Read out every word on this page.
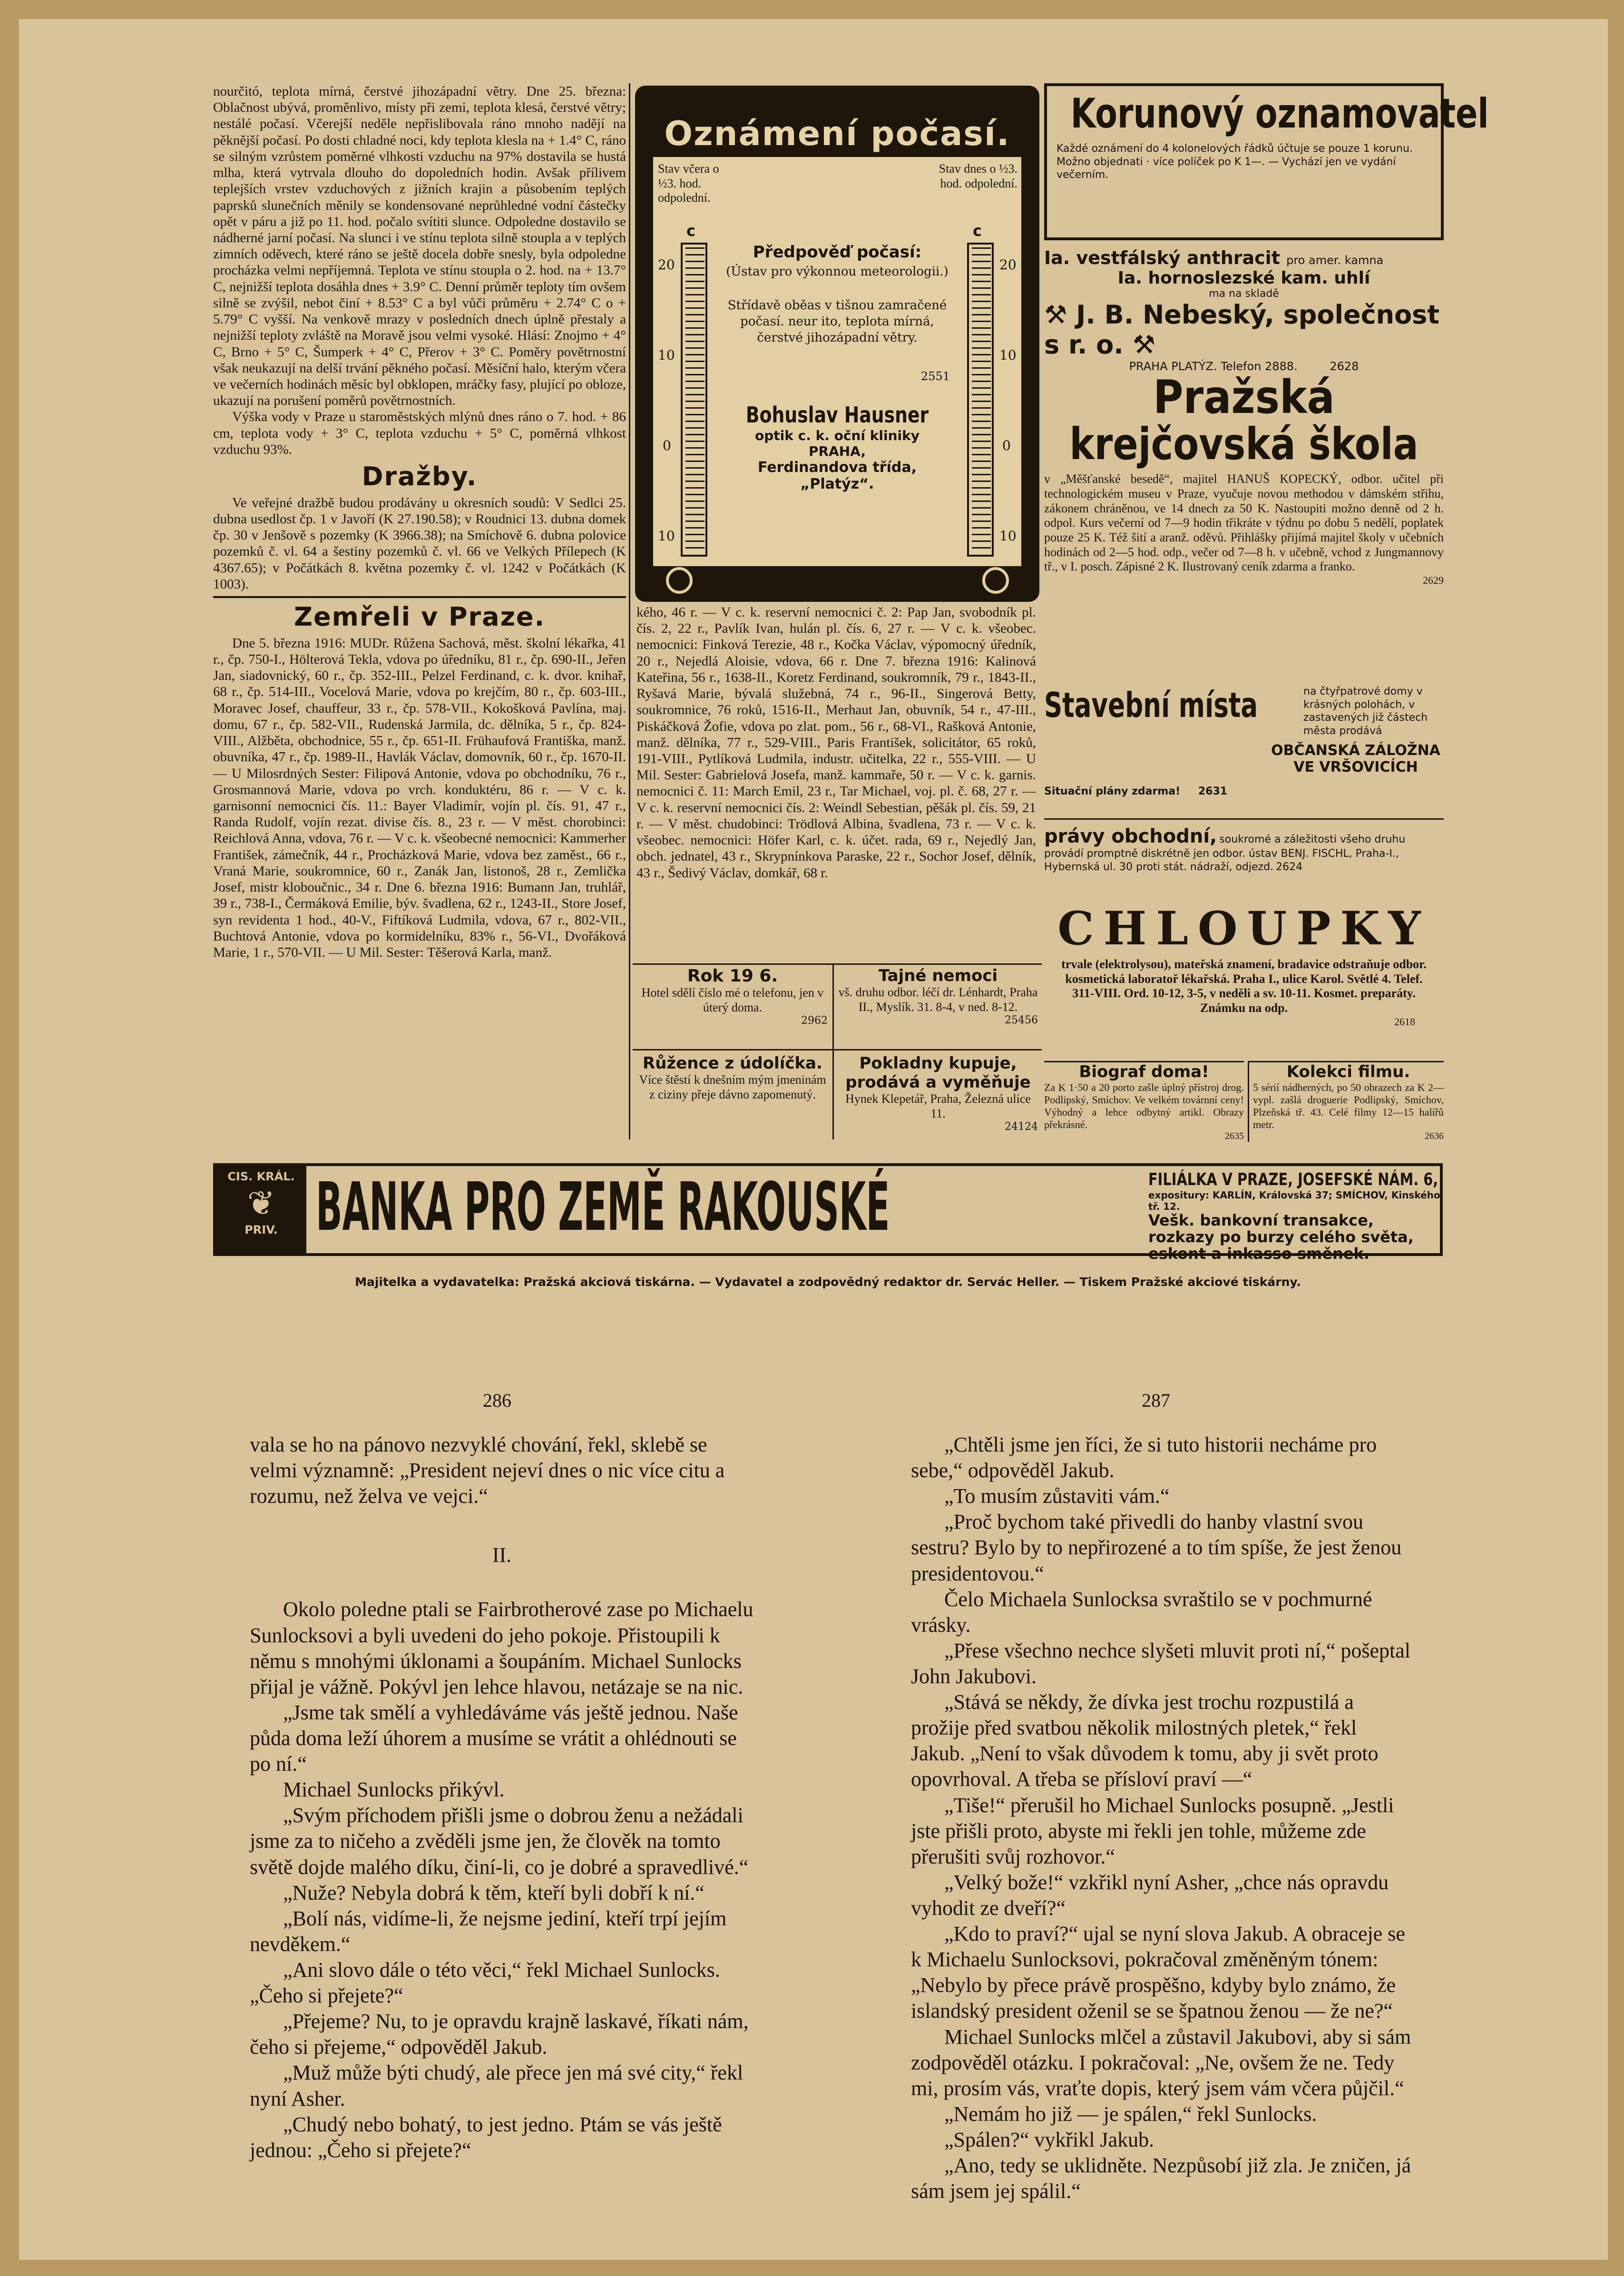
nourčitó, teplota mírná, čerstvé jihozápadní větry. Dne 25. března: Oblačnost ubývá, proměnlivo, místy při zemi, teplota klesá, čerstvé větry; nestálé počasí. Včerejší neděle nepřislibovala ráno mnoho nadějí na pěknější počasí. Po dosti chladné noci, kdy teplota klesla na + 1.4° C, ráno se silným vzrůstem poměrné vlhkosti vzduchu na 97% dostavila se hustá mlha, která vytrvala dlouho do dopoledních hodin. Avšak přílivem teplejších vrstev vzduchových z jižních krajin a působením teplých paprsků slunečních měnily se kondensované neprůhledné vodní částečky opět v páru a již po 11. hod. počalo svítiti slunce. Odpoledne dostavilo se nádherné jarní počasí. Na slunci i ve stínu teplota silně stoupla a v teplých zimních oděvech, které ráno se ještě docela dobře snesly, byla odpoledne procházka velmi nepříjemná. Teplota ve stínu stoupla o 2. hod. na + 13.7° C, nejnižší teplota dosáhla dnes + 3.9° C. Denní průměr teploty tím ovšem silně se zvýšil, nebot činí + 8.53° C a byl vůči průměru + 2.74° C o + 5.79° C vyšší. Na venkově mrazy v posledních dnech úplně přestaly a nejnižší teploty zvláště na Moravě jsou velmi vysoké. Hlásí: Znojmo + 4° C, Brno + 5° C, Šumperk + 4° C, Přerov + 3° C. Poměry povětrnostní však neukazují na delší trvání pěkného počasí. Měsíční halo, kterým včera ve večerních hodinách měsíc byl obklopen, mráčky fasy, plující po obloze, ukazují na porušení poměrů povětrnostních.

Výška vody v Praze u staroměstských mlýnů dnes ráno o 7. hod. + 86 cm, teplota vody + 3° C, teplota vzduchu + 5° C, poměrná vlhkost vzduchu 93%.

Dražby.

Ve veřejné dražbě budou prodávány u okresních soudů: V Sedlci 25. dubna usedlost čp. 1 v Javoří (K 27.190.58); v Roudnici 13. dubna domek čp. 30 v Jenšově s pozemky (K 3966.38); na Smíchově 6. dubna polovice pozemků č. vl. 64 a šestiny pozemků č. vl. 66 ve Velkých Přílepech (K 4367.65); v Počátkách 8. května pozemky č. vl. 1242 v Počátkách (K 1003).

Zemřeli v Praze.

Dne 5. března 1916: MUDr. Růžena Sachová, měst. školní lékařka, 41 r., čp. 750-I., Hölterová Tekla, vdova po úředníku, 81 r., čp. 690-II., Jeřen Jan, siadovnický, 60 r., čp. 352-III., Pelzel Ferdinand, c. k. dvor. knihař, 68 r., čp. 514-III., Vocelová Marie, vdova po krejčím, 80 r., čp. 603-III., Moravec Josef, chauffeur, 33 r., čp. 578-VII., Kokošková Pavlína, maj. domu, 67 r., čp. 582-VII., Rudenská Jarmila, dc. dělníka, 5 r., čp. 824-VIII., Alžběta, obchodnice, 55 r., čp. 651-II. Frühaufová Františka, manž. obuvníka, 47 r., čp. 1989-II., Havlák Václav, domovník, 60 r., čp. 1670-II. — U Milosrdných Sester: Filipová Antonie, vdova po obchodníku, 76 r., Grosmannová Marie, vdova po vrch. konduktéru, 86 r. — V c. k. garnisonní nemocnici čís. 11.: Bayer Vladimír, vojín pl. čís. 91, 47 r., Randa Rudolf, vojín rezat. divise čís. 8., 23 r. — V měst. chorobinci: Reichlová Anna, vdova, 76 r. — V c. k. všeobecné nemocnici: Kammerher František, zámečník, 44 r., Procházková Marie, vdova bez zaměst., 66 r., Vraná Marie, soukromnice, 60 r., Zanák Jan, listonoš, 28 r., Zemlička Josef, mistr kloboučnic., 34 r. Dne 6. března 1916: Bumann Jan, truhlář, 39 r., 738-I., Čermáková Emilie, býv. švadlena, 62 r., 1243-II., Store Josef, syn revidenta 1 hod., 40-V., Fiftíková Ludmila, vdova, 67 r., 802-VII., Buchtová Antonie, vdova po kormidelníku, 83% r., 56-VI., Dvořáková Marie, 1 r., 570-VII. — U Mil. Sester: Těšerová Karla, manž.

Oznámení počasí.
Stav včera o ½3. hod. odpolední.
Stav dnes o ½3. hod. odpolední.
c
20
10
0
10
c
20
10
0
10
Předpověď počasí:
(Ústav pro výkonnou meteorologii.)
Střídavě oběas v tišnou zamračené počasí. neur ito, teplota mírná, čerstvé jihozápadní větry.
2551
Bohuslav Hausner
optik c. k. oční kliniky
PRAHA,
Ferdinandova třída,
„Platýz“.

kého, 46 r. — V c. k. reservní nemocnici č. 2: Pap Jan, svobodník pl. čís. 2, 22 r., Pavlík Ivan, hulán pl. čís. 6, 27 r. — V c. k. všeobec. nemocnici: Finková Terezie, 48 r., Kočka Václav, výpomocný úředník, 20 r., Nejedlá Aloisie, vdova, 66 r. Dne 7. března 1916: Kalinová Kateřina, 56 r., 1638-II., Koretz Ferdinand, soukromník, 79 r., 1843-II., Ryšavá Marie, bývalá služebná, 74 r., 96-II., Singerová Betty, soukromnice, 76 roků, 1516-II., Merhaut Jan, obuvník, 54 r., 47-III., Piskáčková Žofie, vdova po zlat. pom., 56 r., 68-VI., Rašková Antonie, manž. dělníka, 77 r., 529-VIII., Paris František, solicitátor, 65 roků, 191-VIII., Pytlíková Ludmila, industr. učitelka, 22 r., 555-VIII. — U Mil. Sester: Gabrielová Josefa, manž. kammaře, 50 r. — V c. k. garnis. nemocnici č. 11: March Emil, 23 r., Tar Michael, voj. pl. č. 68, 27 r. — V c. k. reservní nemocnici čís. 2: Weindl Sebestian, pěšák pl. čís. 59, 21 r. — V měst. chudobinci: Trödlová Albina, švadlena, 73 r. — V c. k. všeobec. nemocnici: Höfer Karl, c. k. účet. rada, 69 r., Nejedlý Jan, obch. jednatel, 43 r., Skrypnínkova Paraske, 22 r., Sochor Josef, dělník, 43 r., Šedivý Václav, domkář, 68 r.

Rok 19 6.
Hotel sdělí číslo mé o telefonu, jen v úterý doma.
2962
Tajné nemoci
vš. druhu odbor. léčí dr. Lénhardt, Praha II., Myslík. 31. 8-4, v ned. 8-12.
25456
Růžence z údolíčka.
Více štěstí k dnešním mým jmeninám z ciziny přeje dávno zapomenutý.
Pokladny kupuje, prodává a vyměňuje
Hynek Klepetář, Praha, Železná ulice 11.
24124
Korunový oznamovatel
Každé oznámení do 4 kolonelových řádků účtuje se pouze 1 korunu. Možno objednati · více políček po K 1—. — Vychází jen ve vydání večerním.
Ia. vestfálský anthracit pro amer. kamna
Ia. hornoslezské kam. uhlí
ma na skladě
⚒ J. B. Nebeský, společnost s r. o. ⚒
PRAHA PLATÝZ. Telefon 2888.	2628
Pražská
krejčovská škola
v „Měšťanské besedě“, majitel HANUŠ KOPECKÝ, odbor. učitel při technologickém museu v Praze, vyučuje novou methodou v dámském střihu, zákonem chráněnou, ve 14 dnech za 50 K. Nastoupiti možno denně od 2 h. odpol. Kurs večerní od 7—9 hodin třikráte v týdnu po dobu 5 nedělí, poplatek pouze 25 K. Též šití a aranž. oděvů. Přihlášky přijímá majitel školy v učebních hodinách od 2—5 hod. odp., večer od 7—8 h. v učebně, vchod z Jungmannovy tř., v I. posch. Zápisné 2 K. Ilustrovaný ceník zdarma a franko.
2629
Stavební místa	na čtyřpatrové domy v krásných polohách, v zastavených již částech města prodává
OBČANSKÁ ZÁLOŽNA VE VRŠOVICÍCH
Situační plány zdarma! 2631
právy obchodní, soukromé a záležitosti všeho druhu provádí promptně diskrétně jen odbor. ústav BENJ. FISCHL, Praha-I., Hybernská ul. 30 proti stát. nádraží, odjezd. 2624
CHLOUPKY
trvale (elektrolysou), mateřská znamení, bradavice odstraňuje odbor. kosmetická laboratoř lékařská. Praha I., ulice Karol. Světlé 4. Telef. 311-VIII. Ord. 10-12, 3-5, v neděli a sv. 10-11. Kosmet. preparáty. Známku na odp.
2618
Biograf doma!
Za K 1·50 a 20 porto zašle úplný přístroj drog. Podlipský, Smíchov. Ve velkém továrnní ceny! Výhodný a lehce odbytný artikl. Obrazy překrásné.
2635
Kolekci filmu.
5 sérií nádherných, po 50 obrazech za K 2— vypl. zašlá droguerie Podlipský, Smíchov, Plzeňská tř. 43. Celé filmy 12—15 halířů metr.
2636
CIS. KRÁL.
❦
PRIV. BANKA PRO ZEMĚ RAKOUSKÉ	FILIÁLKA V PRAZE, JOSEFSKÉ NÁM. 6,
expositury: KARLÍN, Královská 37; SMÍCHOV, Kinského tř. 12.
Vešk. bankovní transakce, rozkazy po burzy celého světa, eskont a inkasso směnek.
Majitelka a vydavatelka: Pražská akciová tiskárna. — Vydavatel a zodpovědný redaktor dr. Servác Heller. — Tiskem Pražské akciové tiskárny.
286	287

vala se ho na pánovo nezvyklé chování, řekl, sklebě se velmi významně: „President nejeví dnes o nic více citu a rozumu, než želva ve vejci.“

II.

Okolo poledne ptali se Fairbrotherové zase po Michaelu Sunlocksovi a byli uvedeni do jeho pokoje. Přistoupili k němu s mnohými úklonami a šoupáním. Michael Sunlocks přijal je vážně. Pokývl jen lehce hlavou, netázaje se na nic.

„Jsme tak smělí a vyhledáváme vás ještě jednou. Naše půda doma leží úhorem a musíme se vrátit a ohlédnouti se po ní.“

Michael Sunlocks přikývl.

„Svým příchodem přišli jsme o dobrou ženu a nežádali jsme za to ničeho a zvěděli jsme jen, že člověk na tomto světě dojde malého díku, činí-li, co je dobré a spravedlivé.“

„Nuže? Nebyla dobrá k těm, kteří byli dobří k ní.“

„Bolí nás, vidíme-li, že nejsme jediní, kteří trpí jejím nevděkem.“

„Ani slovo dále o této věci,“ řekl Michael Sunlocks. „Čeho si přejete?“

„Přejeme? Nu, to je opravdu krajně laskavé, říkati nám, čeho si přejeme,“ odpověděl Jakub.

„Muž může býti chudý, ale přece jen má své city,“ řekl nyní Asher.

„Chudý nebo bohatý, to jest jedno. Ptám se vás ještě jednou: „Čeho si přejete?“

„Chtěli jsme jen říci, že si tuto historii necháme pro sebe,“ odpověděl Jakub.

„To musím zůstaviti vám.“

„Proč bychom také přivedli do hanby vlastní svou sestru? Bylo by to nepřirozené a to tím spíše, že jest ženou presidentovou.“

Čelo Michaela Sunlocksa svraštilo se v pochmurné vrásky.

„Přese všechno nechce slyšeti mluvit proti ní,“ pošeptal John Jakubovi.

„Stává se někdy, že dívka jest trochu rozpustilá a prožije před svatbou několik milostných pletek,“ řekl Jakub. „Není to však důvodem k tomu, aby ji svět proto opovrhoval. A třeba se přísloví praví —“

„Tiše!“ přerušil ho Michael Sunlocks posupně. „Jestli jste přišli proto, abyste mi řekli jen tohle, můžeme zde přerušiti svůj rozhovor.“

„Velký bože!“ vzkřikl nyní Asher, „chce nás opravdu vyhodit ze dveří?“

„Kdo to praví?“ ujal se nyní slova Jakub. A obraceje se k Michaelu Sunlocksovi, pokračoval změněným tónem: „Nebylo by přece právě prospěšno, kdyby bylo známo, že islandský president oženil se se špatnou ženou — že ne?“

Michael Sunlocks mlčel a zůstavil Jakubovi, aby si sám zodpověděl otázku. I pokračoval: „Ne, ovšem že ne. Tedy mi, prosím vás, vraťte dopis, který jsem vám včera půjčil.“

„Nemám ho již — je spálen,“ řekl Sunlocks.

„Spálen?“ vykřikl Jakub.

„Ano, tedy se uklidněte. Nezpůsobí již zla. Je zničen, já sám jsem jej spálil.“
